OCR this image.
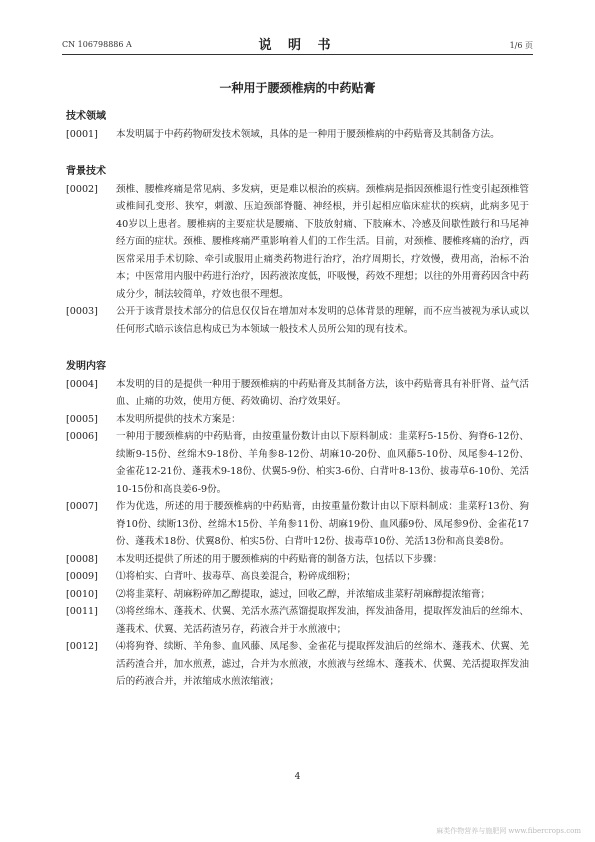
CN 106798886 A	说 明 书	1/6 页
一种用于腰颈椎病的中药贴膏

技术领域

[0001]	本发明属于中药药物研发技术领域，具体的是一种用于腰颈椎病的中药贴膏及其制备方法。

背景技术

[0002]	颈椎、腰椎疼痛是常见病、多发病，更是难以根治的疾病。颈椎病是指因颈椎退行性变引起颈椎管或椎间孔变形、狭窄，刺激、压迫颈部脊髓、神经根，并引起相应临床症状的疾病，此病多见于40岁以上患者。腰椎病的主要症状是腰痛、下肢放射痛、下肢麻木、冷感及间歇性跛行和马尾神经方面的症状。颈椎、腰椎疼痛严重影响着人们的工作生活。目前，对颈椎、腰椎疼痛的治疗，西医常采用手术切除、牵引或服用止痛类药物进行治疗，治疗周期长，疗效慢，费用高，治标不治本；中医常用内服中药进行治疗，因药液浓度低，吓吸慢，药效不理想；以往的外用膏药因含中药成分少，制法较简单，疗效也很不理想。
[0003]	公开于该背景技术部分的信息仅仅旨在增加对本发明的总体背景的理解，而不应当被视为承认或以任何形式暗示该信息构成已为本领域一般技术人员所公知的现有技术。

发明内容

[0004]	本发明的目的是提供一种用于腰颈椎病的中药贴膏及其制备方法，该中药贴膏具有补肝肾、益气活血、止痛的功效，使用方便、药效确切、治疗效果好。
[0005]	本发明所提供的技术方案是：
[0006]	一种用于腰颈椎病的中药贴膏，由按重量份数计由以下原料制成：韭菜籽5-15份、狗脊6-12份、续断9-15份、丝绵木9-18份、羊角参8-12份、胡麻10-20份、血风藤5-10份、凤尾参4-12份、金雀花12-21份、蓬莪术9-18份、伏翼5-9份、柏实3-6份、白背叶8-13份、拔毒草6-10份、羌活10-15份和高良姜6-9份。
[0007]	作为优选，所述的用于腰颈椎病的中药贴膏，由按重量份数计由以下原料制成：韭菜籽13份、狗脊10份、续断13份、丝绵木15份、羊角参11份、胡麻19份、血风藤9份、凤尾参9份、金雀花17份、蓬莪术18份、伏翼8份、柏实5份、白背叶12份、拔毒草10份、羌活13份和高良姜8份。
[0008]	本发明还提供了所述的用于腰颈椎病的中药贴膏的制备方法，包括以下步骤：
[0009]	⑴将柏实、白背叶、拔毒草、高良姜混合，粉碎成细粉；
[0010]	⑵将韭菜籽、胡麻粉碎加乙醇提取，滤过，回收乙醇，并浓缩成韭菜籽胡麻醇提浓缩膏；
[0011]	⑶将丝绵木、蓬莪术、伏翼、羌活水蒸汽蒸馏提取挥发油，挥发油备用，提取挥发油后的丝绵木、蓬莪术、伏翼、羌活药渣另存，药液合并于水煎液中；
[0012]	⑷将狗脊、续断、羊角参、血风藤、凤尾参、金雀花与提取挥发油后的丝绵木、蓬莪术、伏翼、羌活药渣合并，加水煎煮，滤过，合并为水煎液，水煎液与丝绵木、蓬莪术、伏翼、羌活提取挥发油后的药液合并，并浓缩成水煎浓缩液；
4
麻类作物营养与施肥网 www.fibercrops.com
